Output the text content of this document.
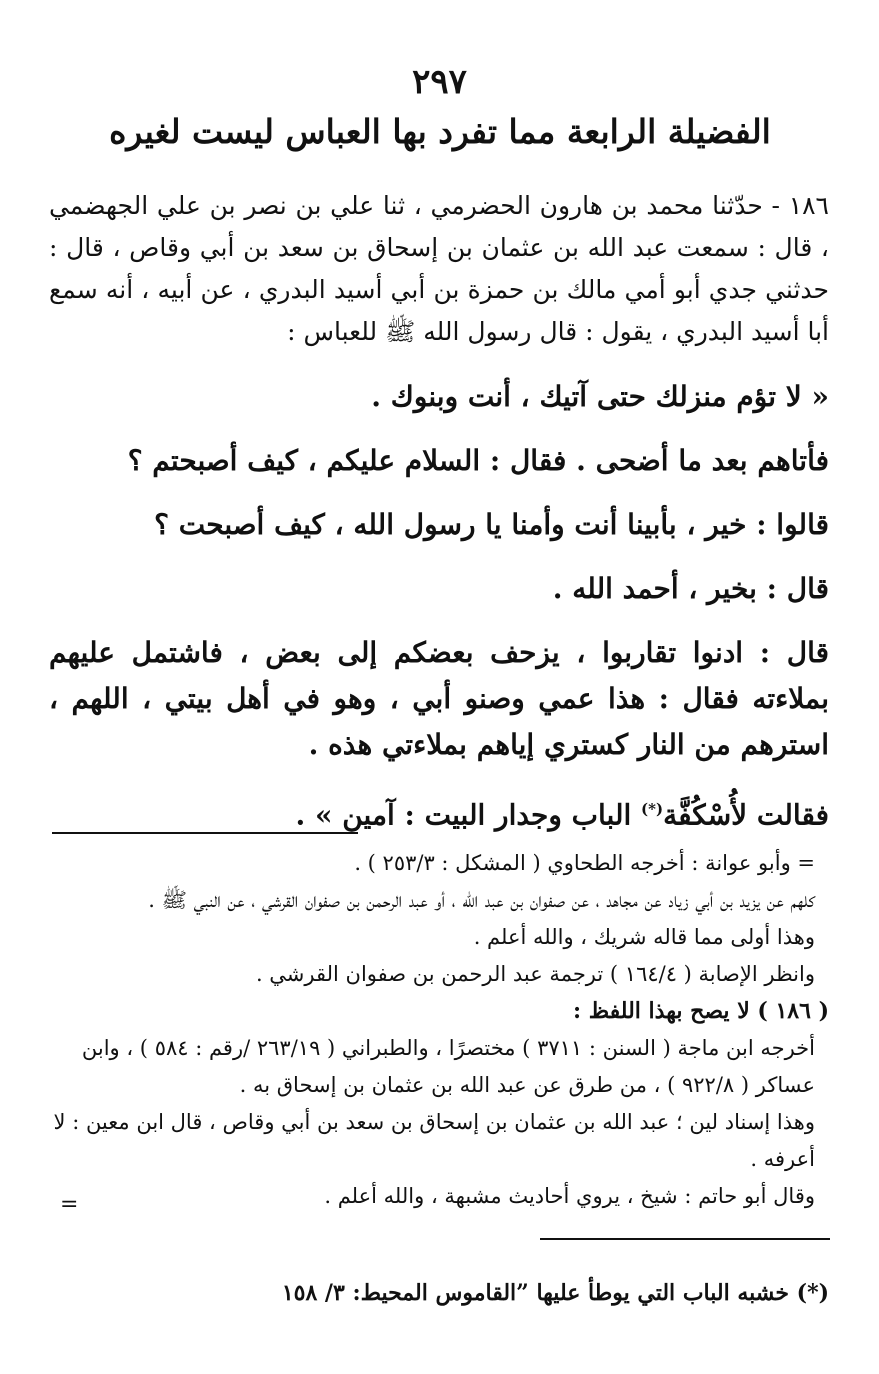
٢٩٧
الفضيلة الرابعة مما تفرد بها العباس ليست لغيره
١٨٦ - حدّثنا محمد بن هارون الحضرمي ، ثنا علي بن نصر بن علي الجهضمي ، قال : سمعت عبد الله بن عثمان بن إسحاق بن سعد بن أبي وقاص ، قال : حدثني جدي أبو أمي مالك بن حمزة بن أبي أسيد البدري ، عن أبيه ، أنه سمع أبا أسيد البدري ، يقول : قال رسول الله ﷺ للعباس :

« لا تؤم منزلك حتى آتيك ، أنت وبنوك .

فأتاهم بعد ما أضحى . فقال : السلام عليكم ، كيف أصبحتم ؟

قالوا : خير ، بأبينا أنت وأمنا يا رسول الله ، كيف أصبحت ؟

قال : بخير ، أحمد الله .

قال : ادنوا تقاربوا ، يزحف بعضكم إلى بعض ، فاشتمل عليهم بملاءته فقال : هذا عمي وصنو أبي ، وهو في أهل بيتي ، اللهم ، استرهم من النار كستري إياهم بملاءتي هذه .

فقالت لأُسْكُفَّة(*) الباب وجدار البيت : آمين » .

= وأبو عوانة : أخرجه الطحاوي ( المشكل : ٢٥٣/٣ ) .

كلهم عن يزيد بن أبي زياد عن مجاهد ، عن صفوان بن عبد الله ، أو عبد الرحمن بن صفوان القرشي ، عن النبي ﷺ .

وهذا أولى مما قاله شريك ، والله أعلم .

وانظر الإصابة ( ١٦٤/٤ ) ترجمة عبد الرحمن بن صفوان القرشي .

( ١٨٦ ) لا يصح بهذا اللفظ :

أخرجه ابن ماجة ( السنن : ٣٧١١ ) مختصرًا ، والطبراني ( ٢٦٣/١٩ /رقم : ٥٨٤ ) ، وابن عساكر ( ٩٢٢/٨ ) ، من طرق عن عبد الله بن عثمان بن إسحاق به .

وهذا إسناد لين ؛ عبد الله بن عثمان بن إسحاق بن سعد بن أبي وقاص ، قال ابن معين : لا أعرفه .

وقال أبو حاتم : شيخ ، يروي أحاديث مشبهة ، والله أعلم .

=
(*) خشبه الباب التي يوطأ عليها ”القاموس المحيط: ٣/ ١٥٨
